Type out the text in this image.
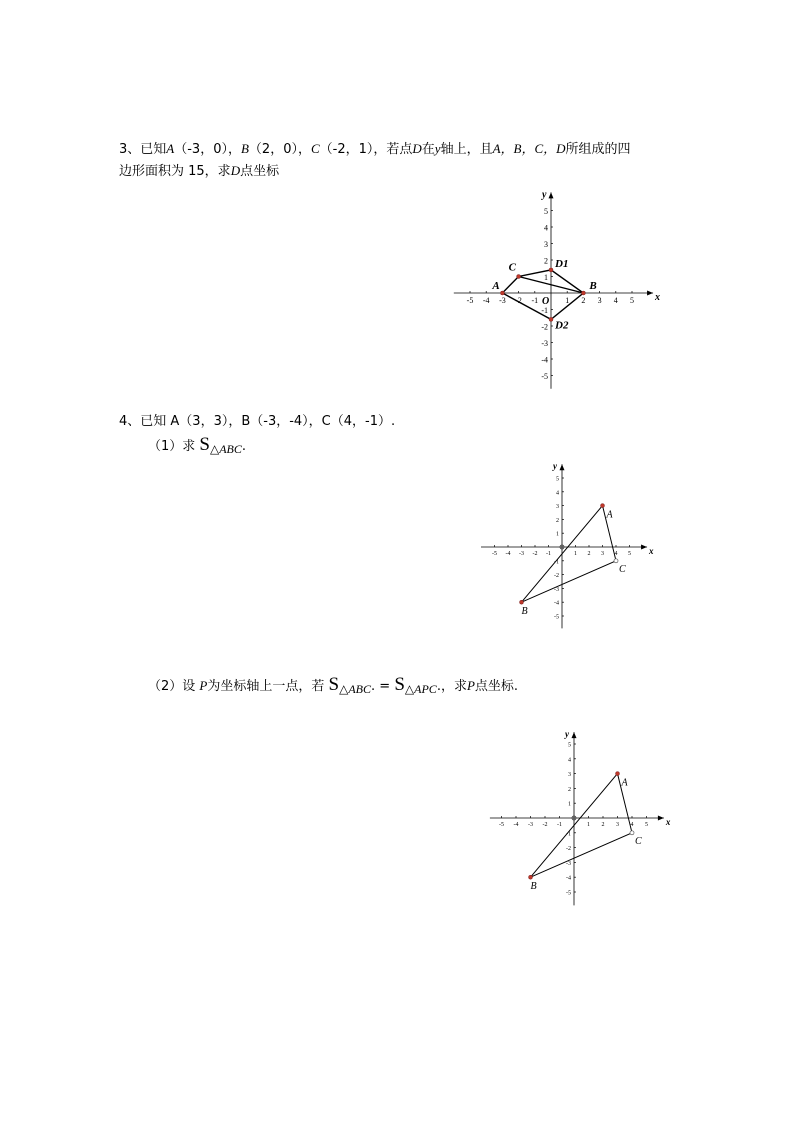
3、已知A（-3，0），B（2，0），C（-2，1），若点D在y轴上，且A，B，C，D所组成的四
边形面积为 15，求D点坐标
-5 -4 -3 -2 -1	1 2 3 4 5
5
4
3
2
1
-1
-2
-3
-4
-5
x
y
A	B
C	D1
D2
O
4、已知 A（3，3），B（-3，-4），C（4，-1）.
（1）求 S△ABC.
-5 -4 -3 -2 -1	1 2 3 4 5
5
4
3
2
1
-1
-2
-3
-4
-5
x
y
A
B
C
（2）设 P为坐标轴上一点，若 S△ABC. = S△APC.，求P点坐标.
-5 -4 -3 -2 -1	1 2 3 4 5
5
4
3
2
1
-1
-2
-3
-4
-5
x
y
A
B
C
